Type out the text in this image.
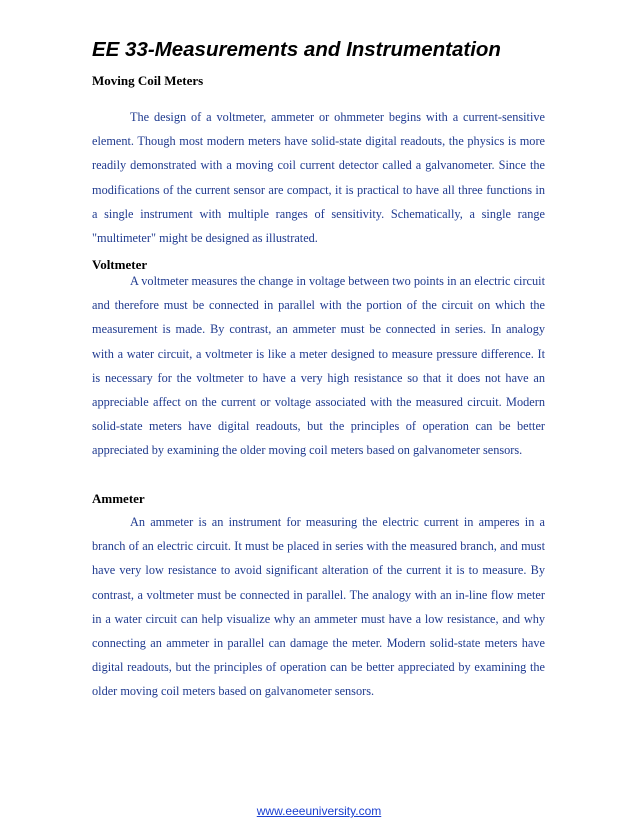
EE 33-Measurements and Instrumentation
Moving Coil Meters

The design of a voltmeter, ammeter or ohmmeter begins with a current-sensitive element. Though most modern meters have solid-state digital readouts, the physics is more readily demonstrated with a moving coil current detector called a galvanometer. Since the modifications of the current sensor are compact, it is practical to have all three functions in a single instrument with multiple ranges of sensitivity. Schematically, a single range "multimeter" might be designed as illustrated.

Voltmeter

A voltmeter measures the change in voltage between two points in an electric circuit and therefore must be connected in parallel with the portion of the circuit on which the measurement is made. By contrast, an ammeter must be connected in series. In analogy with a water circuit, a voltmeter is like a meter designed to measure pressure difference. It is necessary for the voltmeter to have a very high resistance so that it does not have an appreciable affect on the current or voltage associated with the measured circuit. Modern solid-state meters have digital readouts, but the principles of operation can be better appreciated by examining the older moving coil meters based on galvanometer sensors.

Ammeter

An ammeter is an instrument for measuring the electric current in amperes in a branch of an electric circuit. It must be placed in series with the measured branch, and must have very low resistance to avoid significant alteration of the current it is to measure. By contrast, a voltmeter must be connected in parallel. The analogy with an in-line flow meter in a water circuit can help visualize why an ammeter must have a low resistance, and why connecting an ammeter in parallel can damage the meter. Modern solid-state meters have digital readouts, but the principles of operation can be better appreciated by examining the older moving coil meters based on galvanometer sensors.

www.eeeuniversity.com
